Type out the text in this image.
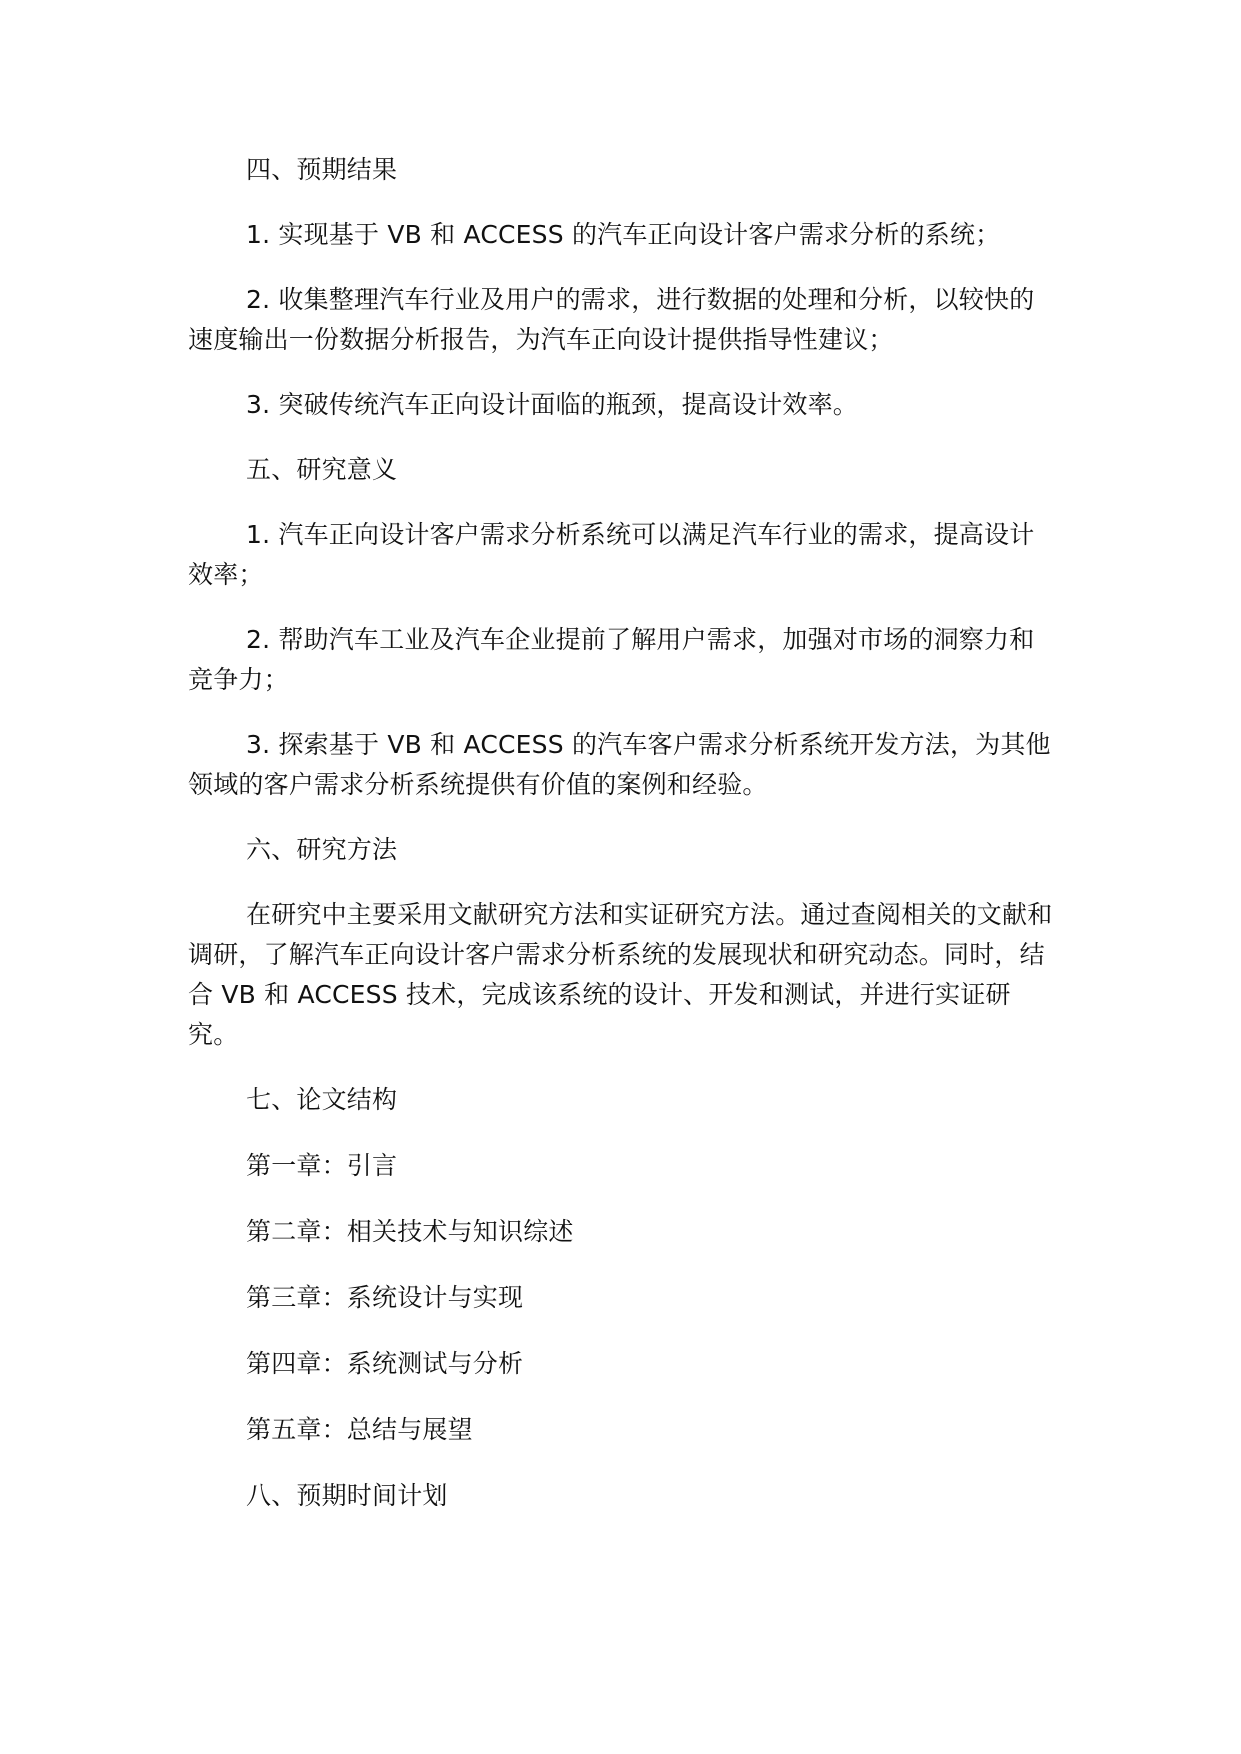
四、预期结果

1. 实现基于 VB 和 ACCESS 的汽车正向设计客户需求分析的系统；

2. 收集整理汽车行业及用户的需求，进行数据的处理和分析，以较快的速度输出一份数据分析报告，为汽车正向设计提供指导性建议；

3. 突破传统汽车正向设计面临的瓶颈，提高设计效率。

五、研究意义

1. 汽车正向设计客户需求分析系统可以满足汽车行业的需求，提高设计效率；

2. 帮助汽车工业及汽车企业提前了解用户需求，加强对市场的洞察力和竞争力；

3. 探索基于 VB 和 ACCESS 的汽车客户需求分析系统开发方法，为其他领域的客户需求分析系统提供有价值的案例和经验。

六、研究方法

在研究中主要采用文献研究方法和实证研究方法。通过查阅相关的文献和调研，了解汽车正向设计客户需求分析系统的发展现状和研究动态。同时，结合 VB 和 ACCESS 技术，完成该系统的设计、开发和测试，并进行实证研究。

七、论文结构

第一章：引言

第二章：相关技术与知识综述

第三章：系统设计与实现

第四章：系统测试与分析

第五章：总结与展望

八、预期时间计划
